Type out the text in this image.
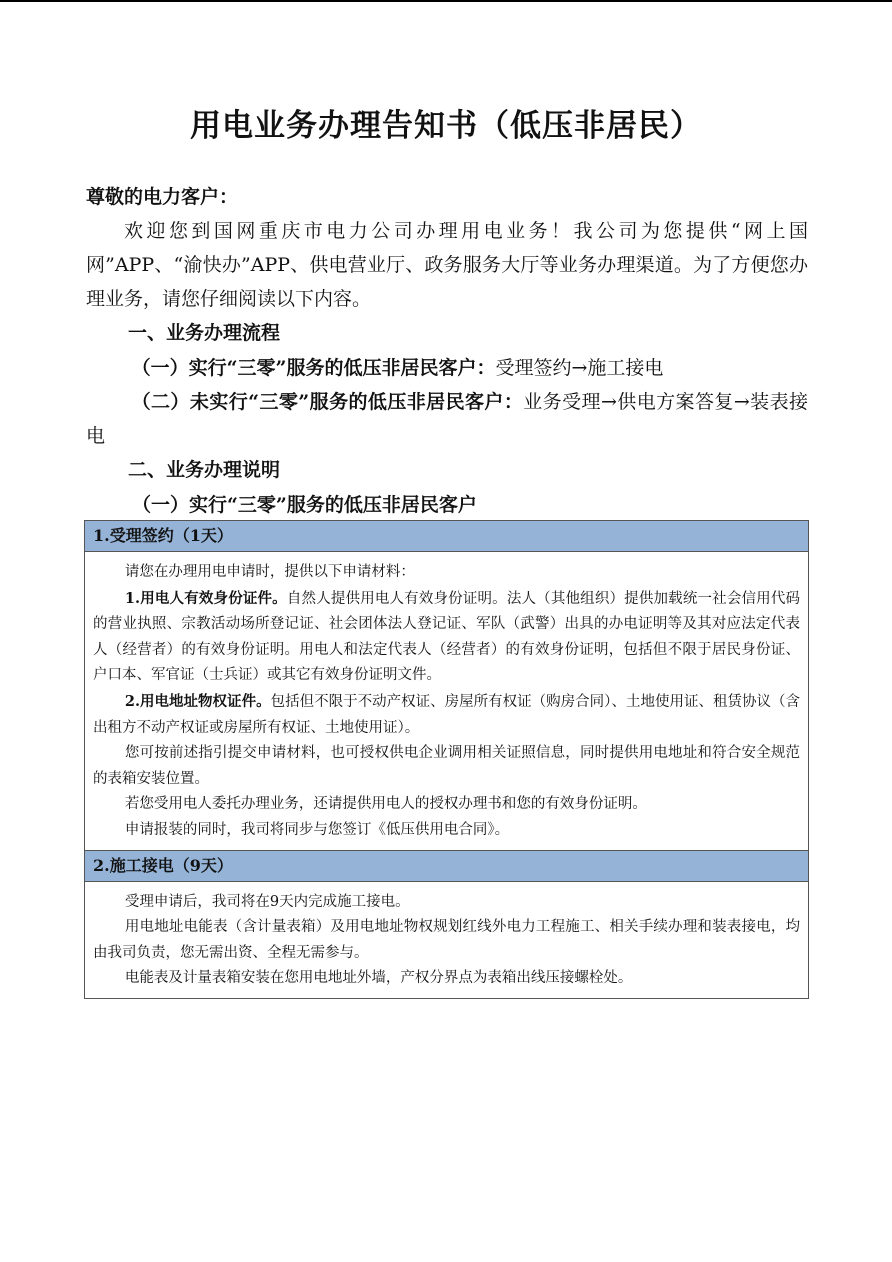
用电业务办理告知书（低压非居民）

尊敬的电力客户：

欢迎您到国网重庆市电力公司办理用电业务！我公司为您提供“网上国网”APP、“渝快办”APP、供电营业厅、政务服务大厅等业务办理渠道。为了方便您办理业务，请您仔细阅读以下内容。

一、业务办理流程

（一）实行“三零”服务的低压非居民客户：受理签约→施工接电

（二）未实行“三零”服务的低压非居民客户：业务受理→供电方案答复→装表接电

二、业务办理说明

（一）实行“三零”服务的低压非居民客户

1.受理签约（1天）

请您在办理用电申请时，提供以下申请材料：

1.用电人有效身份证件。自然人提供用电人有效身份证明。法人（其他组织）提供加载统一社会信用代码的营业执照、宗教活动场所登记证、社会团体法人登记证、军队（武警）出具的办电证明等及其对应法定代表人（经营者）的有效身份证明。用电人和法定代表人（经营者）的有效身份证明，包括但不限于居民身份证、户口本、军官证（士兵证）或其它有效身份证明文件。

2.用电地址物权证件。包括但不限于不动产权证、房屋所有权证（购房合同）、土地使用证、租赁协议（含出租方不动产权证或房屋所有权证、土地使用证）。

您可按前述指引提交申请材料，也可授权供电企业调用相关证照信息，同时提供用电地址和符合安全规范的表箱安装位置。

若您受用电人委托办理业务，还请提供用电人的授权办理书和您的有效身份证明。

申请报装的同时，我司将同步与您签订《低压供用电合同》。

2.施工接电（9天）

受理申请后，我司将在9天内完成施工接电。

用电地址电能表（含计量表箱）及用电地址物权规划红线外电力工程施工、相关手续办理和装表接电，均由我司负责，您无需出资、全程无需参与。

电能表及计量表箱安装在您用电地址外墙，产权分界点为表箱出线压接螺栓处。
